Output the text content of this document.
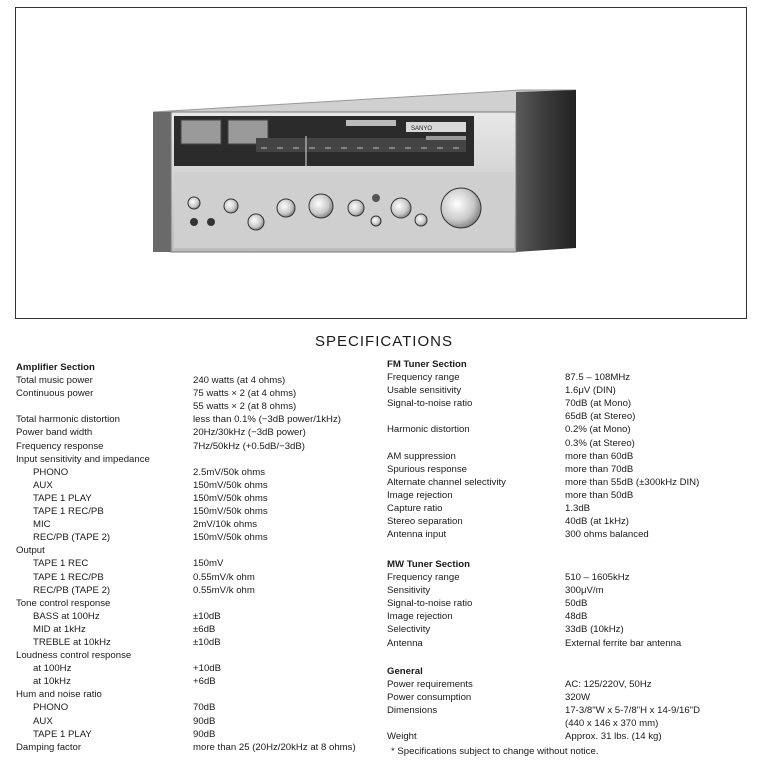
SANYO
SPECIFICATIONS
Amplifier Section
Total music power	240 watts (at 4 ohms)
Continuous power	75 watts × 2 (at 4 ohms)
55 watts × 2 (at 8 ohms)
Total harmonic distortion	less than 0.1% (−3dB power/1kHz)
Power band width	20Hz/30kHz (−3dB power)
Frequency response	7Hz/50kHz (+0.5dB/−3dB)
Input sensitivity and impedance
PHONO	2.5mV/50k ohms
AUX	150mV/50k ohms
TAPE 1 PLAY	150mV/50k ohms
TAPE 1 REC/PB	150mV/50k ohms
MIC	2mV/10k ohms
REC/PB (TAPE 2)	150mV/50k ohms
Output
TAPE 1 REC	150mV
TAPE 1 REC/PB	0.55mV/k ohm
REC/PB (TAPE 2)	0.55mV/k ohm
Tone control response
BASS at 100Hz	±10dB
MID at 1kHz	±6dB
TREBLE at 10kHz	±10dB
Loudness control response
at 100Hz	+10dB
at 10kHz	+6dB
Hum and noise ratio
PHONO	70dB
AUX	90dB
TAPE 1 PLAY	90dB
Damping factor	more than 25 (20Hz/20kHz at 8 ohms)
FM Tuner Section
Frequency range	87.5 – 108MHz
Usable sensitivity	1.6μV (DIN)
Signal-to-noise ratio	70dB (at Mono)
65dB (at Stereo)
Harmonic distortion	0.2% (at Mono)
0.3% (at Stereo)
AM suppression	more than 60dB
Spurious response	more than 70dB
Alternate channel selectivity	more than 55dB (±300kHz DIN)
Image rejection	more than 50dB
Capture ratio	1.3dB
Stereo separation	40dB (at 1kHz)
Antenna input	300 ohms balanced
MW Tuner Section
Frequency range	510 – 1605kHz
Sensitivity	300μV/m
Signal-to-noise ratio	50dB
Image rejection	48dB
Selectivity	33dB (10kHz)
Antenna	External ferrite bar antenna
General
Power requirements	AC: 125/220V, 50Hz
Power consumption	320W
Dimensions	17-3/8"W x 5-7/8"H x 14-9/16"D
(440 x 146 x 370 mm)
Weight	Approx. 31 lbs. (14 kg)
* Specifications subject to change without notice.
